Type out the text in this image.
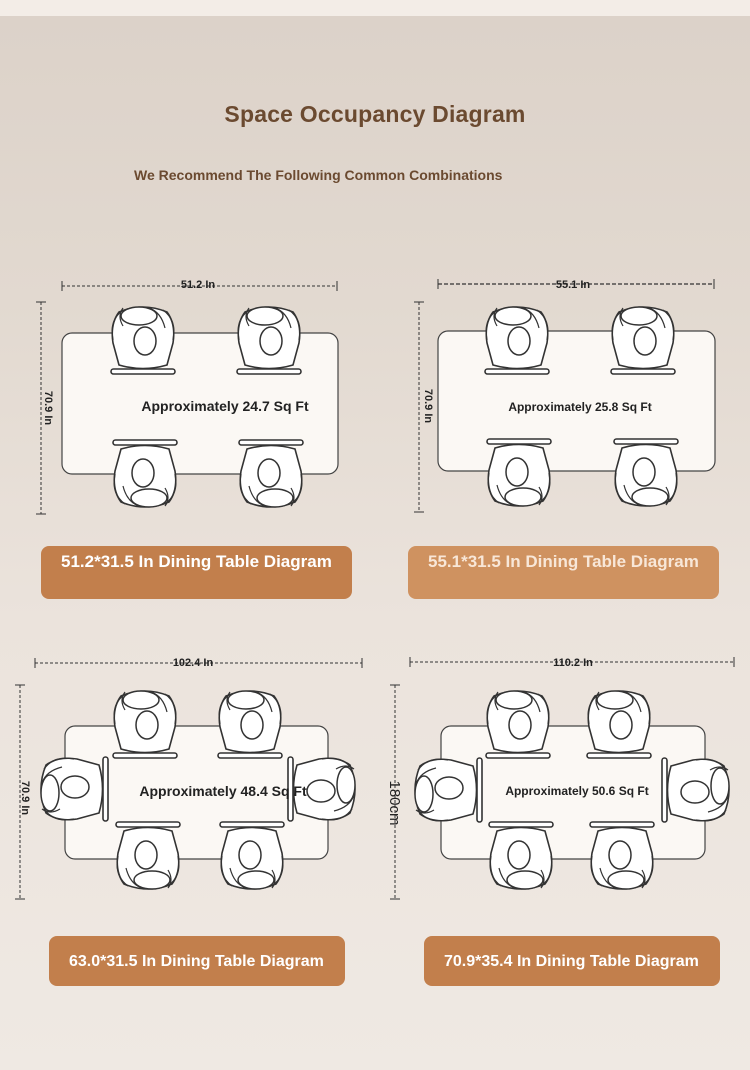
Space Occupancy Diagram
We Recommend The Following Common Combinations
51.2 In
70.9 In	Approximately 24.7 Sq Ft
55.1 In
70.9 In	Approximately 25.8 Sq Ft
102.4 In
70.9 In	Approximately 48.4 Sq Ft
110.2 In
180cm	Approximately 50.6 Sq Ft
51.2*31.5 In Dining Table Diagram	55.1*31.5 In Dining Table Diagram
63.0*31.5 In Dining Table Diagram	70.9*35.4 In Dining Table Diagram
